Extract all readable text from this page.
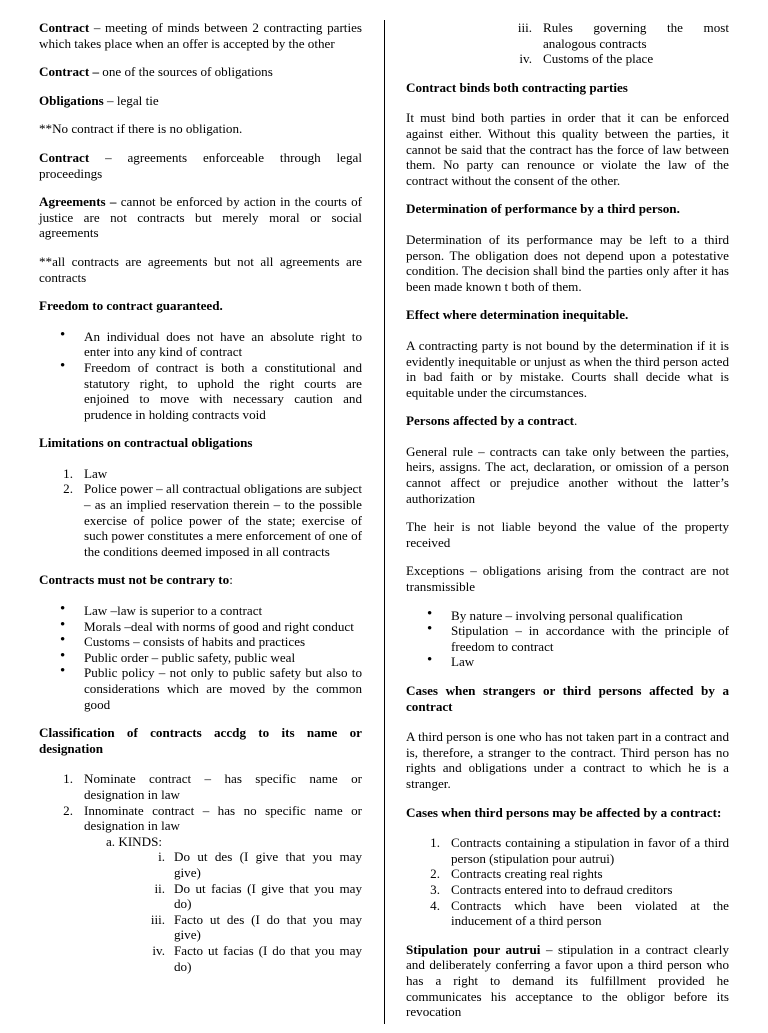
Contract – meeting of minds between 2 contracting parties which takes place when an offer is accepted by the other

Contract – one of the sources of obligations

Obligations – legal tie

**No contract if there is no obligation.

Contract – agreements enforceable through legal proceedings

Agreements – cannot be enforced by action in the courts of justice are not contracts but merely moral or social agreements

**all contracts are agreements but not all agreements are contracts

Freedom to contract guaranteed.

• An individual does not have an absolute right to enter into any kind of contract
• Freedom of contract is both a constitutional and statutory right, to uphold the right courts are enjoined to move with necessary caution and prudence in holding contracts void

Limitations on contractual obligations

1. Law
2. Police power – all contractual obligations are subject – as an implied reservation therein – to the possible exercise of police power of the state; exercise of such power constitutes a mere enforcement of one of the conditions deemed imposed in all contracts

Contracts must not be contrary to:

• Law –law is superior to a contract
• Morals –deal with norms of good and right conduct
• Customs – consists of habits and practices
• Public order – public safety, public weal
• Public policy – not only to public safety but also to considerations which are moved by the common good

Classification of contracts accdg to its name or designation

1. Nominate contract – has specific name or designation in law
2. Innominate contract – has no specific name or designation in law
a. KINDS:
i. Do ut des (I give that you may give)
ii. Do ut facias (I give that you may do)
iii. Facto ut des (I do that you may give)
iv. Facto ut facias (I do that you may do)
iii. Rules governing the most analogous contracts
iv. Customs of the place

Contract binds both contracting parties

It must bind both parties in order that it can be enforced against either. Without this quality between the parties, it cannot be said that the contract has the force of law between them. No party can renounce or violate the law of the contract without the consent of the other.

Determination of performance by a third person.

Determination of its performance may be left to a third person. The obligation does not depend upon a potestative condition. The decision shall bind the parties only after it has been made known t both of them.

Effect where determination inequitable.

A contracting party is not bound by the determination if it is evidently inequitable or unjust as when the third person acted in bad faith or by mistake. Courts shall decide what is equitable under the circumstances.

Persons affected by a contract.

General rule – contracts can take only between the parties, heirs, assigns. The act, declaration, or omission of a person cannot affect or prejudice another without the latter’s authorization

The heir is not liable beyond the value of the property received

Exceptions – obligations arising from the contract are not transmissible

• By nature – involving personal qualification
• Stipulation – in accordance with the principle of freedom to contract
• Law

Cases when strangers or third persons affected by a contract

A third person is one who has not taken part in a contract and is, therefore, a stranger to the contract. Third person has no rights and obligations under a contract to which he is a stranger.

Cases when third persons may be affected by a contract:

1. Contracts containing a stipulation in favor of a third person (stipulation pour autrui)
2. Contracts creating real rights
3. Contracts entered into to defraud creditors
4. Contracts which have been violated at the inducement of a third person

Stipulation pour autrui – stipulation in a contract clearly and deliberately conferring a favor upon a third person who has a right to demand its fulfillment provided he communicates his acceptance to the obligor before its revocation
